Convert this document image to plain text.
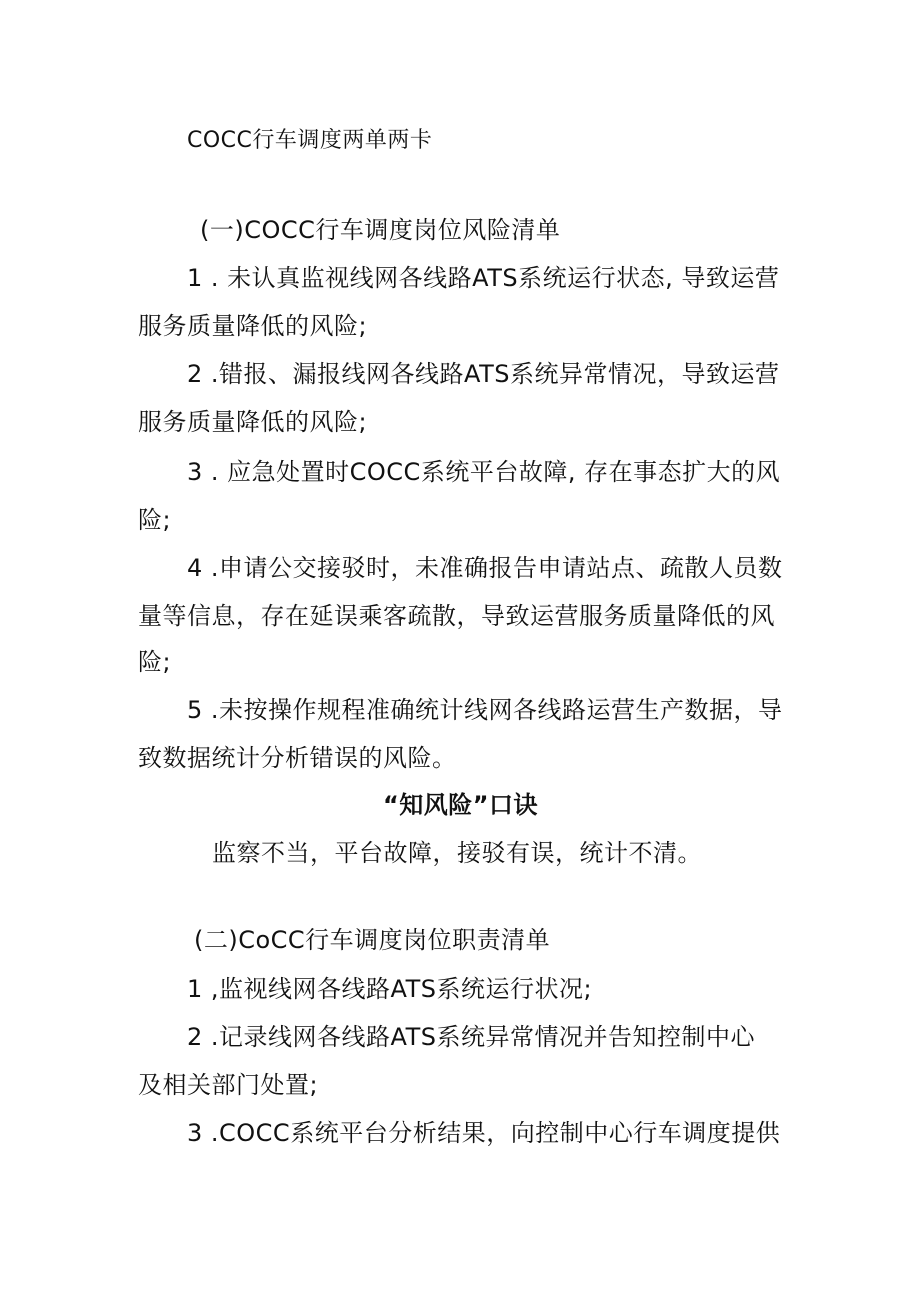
COCC行车调度两单两卡
(一)COCC行车调度岗位风险清单
1 . 未认真监视线网各线路ATS系统运行状态, 导致运营
服务质量降低的风险;
2 .错报、漏报线网各线路ATS系统异常情况，导致运营
服务质量降低的风险;
3 . 应急处置时COCC系统平台故障, 存在事态扩大的风
险;
4 .申请公交接驳时，未准确报告申请站点、疏散人员数
量等信息，存在延误乘客疏散，导致运营服务质量降低的风
险;
5 .未按操作规程准确统计线网各线路运营生产数据，导
致数据统计分析错误的风险。
“知风险”口诀
监察不当，平台故障，接驳有误，统计不清。
(二)CoCC行车调度岗位职责清单
1 ,监视线网各线路ATS系统运行状况;
2 .记录线网各线路ATS系统异常情况并告知控制中心
及相关部门处置;
3 .COCC系统平台分析结果，向控制中心行车调度提供
